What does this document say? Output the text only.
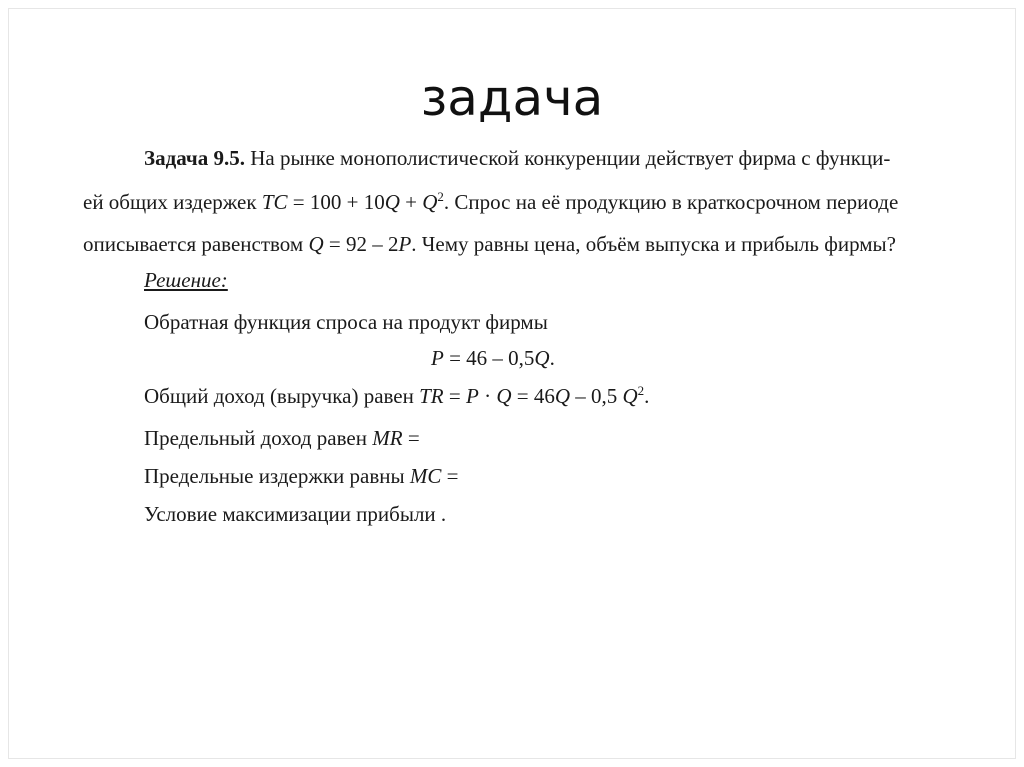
задача
Задача 9.5. На рынке монополистической конкуренции действует фирма с функци-
ей общих издержек TC = $100 + 10Q + Q^2$. Спрос на её продукцию в краткосрочном периоде
описывается равенством Q = 92 – 2P. Чему равны цена, объём выпуска и прибыль фирмы?
Решение:
Обратная функция спроса на продукт фирмы
P = 46 – 0,5Q.
Общий доход (выручка) равен TR = P · Q = 46Q – 0,5 $Q^2$.
Предельный доход равен MR =
Предельные издержки равны MC =
Условие максимизации прибыли .
